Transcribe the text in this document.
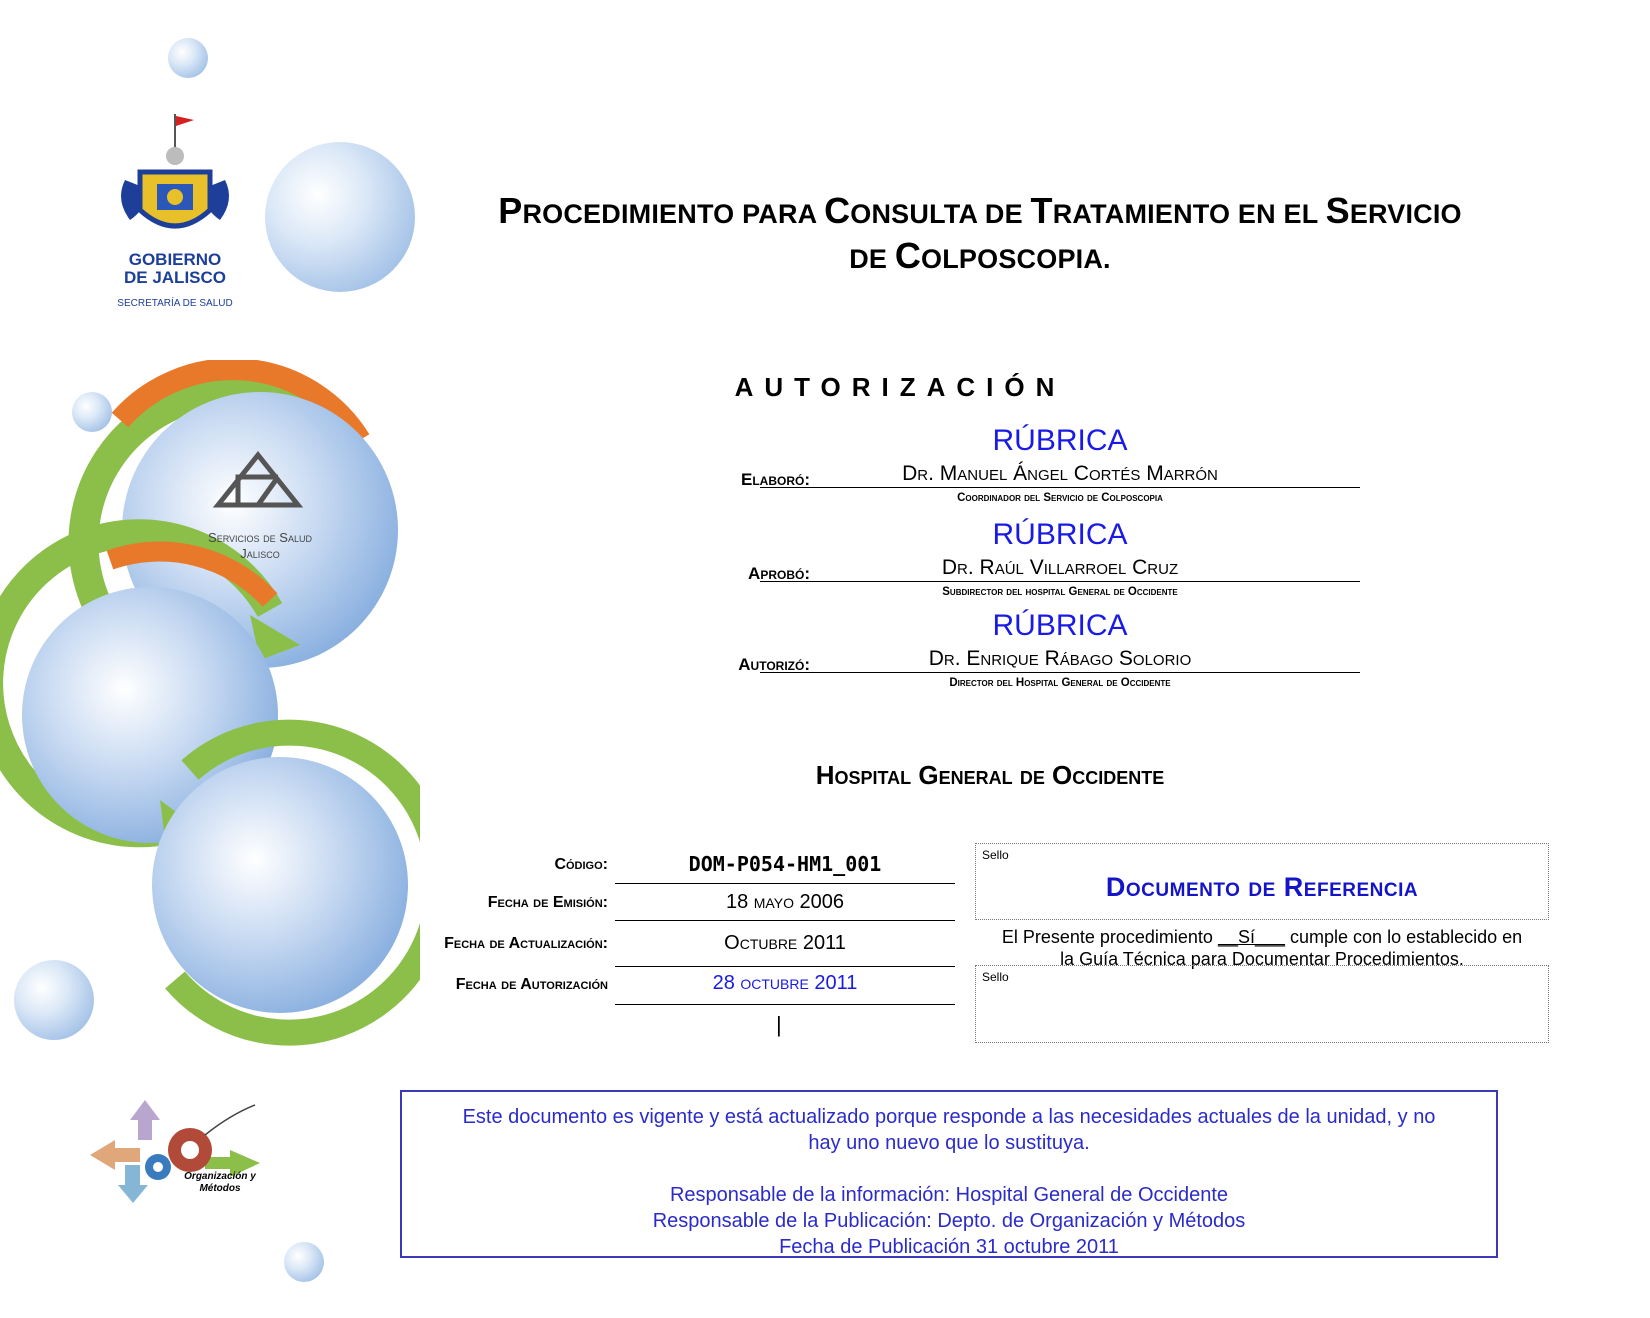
GOBIERNO
DE JALISCO
SECRETARÍA DE SALUD
Servicios de Salud
Jalisco
Organización y
Métodos
PROCEDIMIENTO PARA CONSULTA DE TRATAMIENTO EN EL SERVICIO
DE COLPOSCOPIA.
AUTORIZACIÓN
Elaboró:
RÚBRICA
Dr. Manuel Ángel Cortés Marrón
Coordinador del Servicio de Colposcopia
Aprobó:
RÚBRICA
Dr. Raúl Villarroel Cruz
Subdirector del hospital General de Occidente
Autorizó:
RÚBRICA
Dr. Enrique Rábago Solorio
Director del Hospital General de Occidente
Hospital General de Occidente
Código:	DOM-P054-HM1_001
Fecha de Emisión:	18 mayo 2006
Fecha de Actualización:	Octubre 2011
Fecha de Autorización	28 octubre 2011
|
Sello
Documento de Referencia
El Presente procedimiento __Sí___ cumple con lo establecido en
la Guía Técnica para Documentar Procedimientos.
Sello

Este documento es vigente y está actualizado porque responde a las necesidades actuales de la unidad, y no

hay uno nuevo que lo sustituya.

Responsable de la información: Hospital General de Occidente

Responsable de la Publicación: Depto. de Organización y Métodos

Fecha de Publicación 31 octubre 2011
